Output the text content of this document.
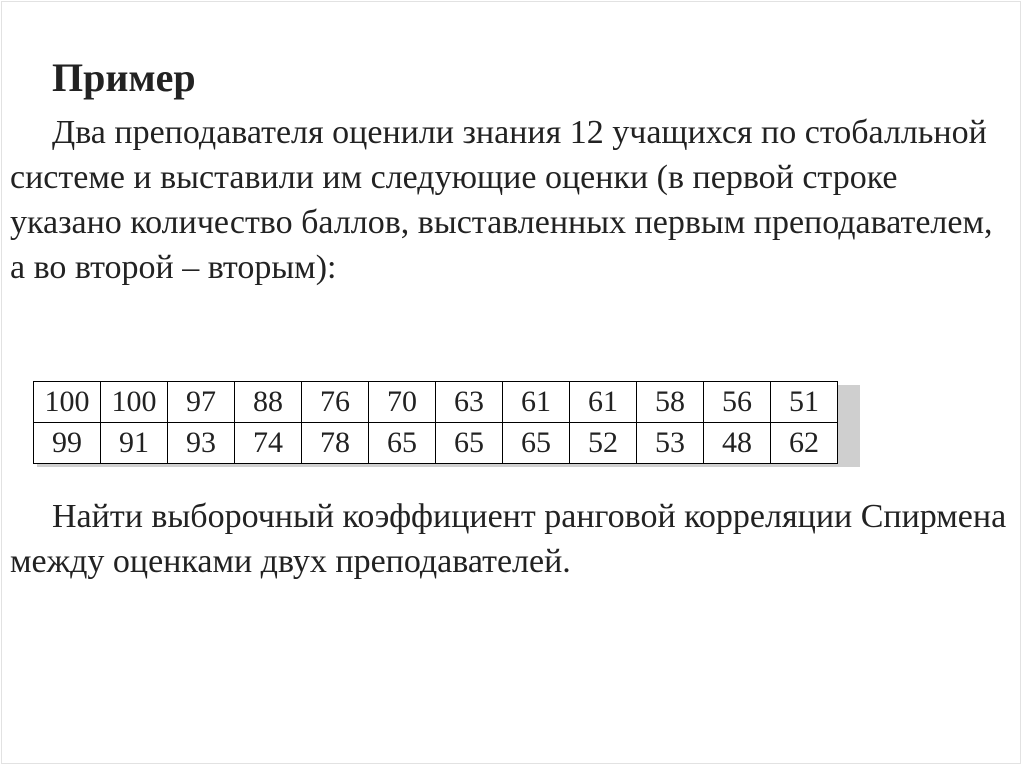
Пример

Два преподавателя оценили знания 12 учащихся по стобалльной системе и выставили им следующие оценки (в первой строке указано количество баллов, выставленных первым преподавателем, а во второй – вторым):

100	100	97	88	76	70	63	61	61	58	56	51
99	91	93	74	78	65	65	65	52	53	48	62

Найти выборочный коэффициент ранговой корреляции Спирмена между оценками двух преподавателей.
